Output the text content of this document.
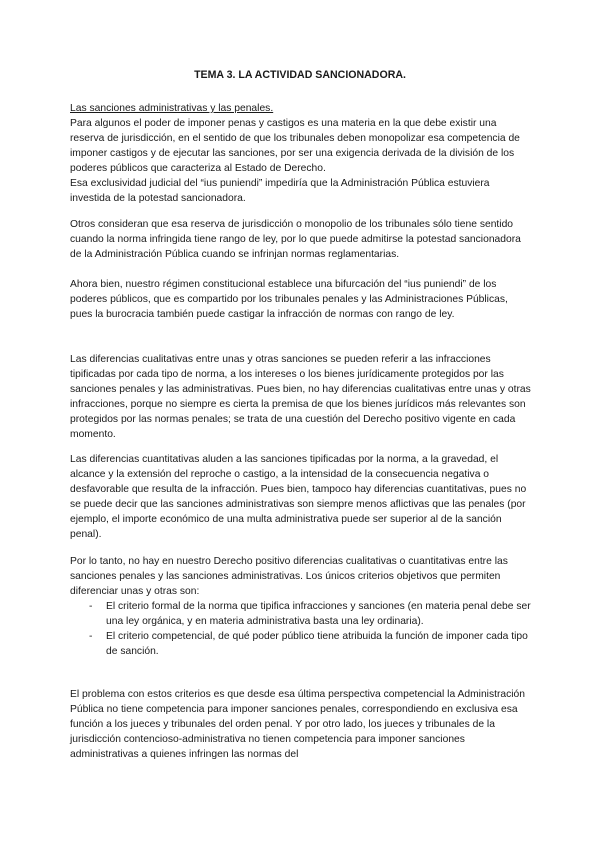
TEMA 3. LA ACTIVIDAD SANCIONADORA.

Las sanciones administrativas y las penales.

Para algunos el poder de imponer penas y castigos es una materia en la que debe existir una reserva de jurisdicción, en el sentido de que los tribunales deben monopolizar esa competencia de imponer castigos y de ejecutar las sanciones, por ser una exigencia derivada de la división de los poderes públicos que caracteriza al Estado de Derecho.

Esa exclusividad judicial del “ius puniendi” impediría que la Administración Pública estuviera investida de la potestad sancionadora.

Otros consideran que esa reserva de jurisdicción o monopolio de los tribunales sólo tiene sentido cuando la norma infringida tiene rango de ley, por lo que puede admitirse la potestad sancionadora de la Administración Pública cuando se infrinjan normas reglamentarias.

Ahora bien, nuestro régimen constitucional establece una bifurcación del “ius puniendi” de los poderes públicos, que es compartido por los tribunales penales y las Administraciones Públicas, pues la burocracia también puede castigar la infracción de normas con rango de ley.

Las diferencias cualitativas entre unas y otras sanciones se pueden referir a las infracciones tipificadas por cada tipo de norma, a los intereses o los bienes jurídicamente protegidos por las sanciones penales y las administrativas. Pues bien, no hay diferencias cualitativas entre unas y otras infracciones, porque no siempre es cierta la premisa de que los bienes jurídicos más relevantes son protegidos por las normas penales; se trata de una cuestión del Derecho positivo vigente en cada momento.

Las diferencias cuantitativas aluden a las sanciones tipificadas por la norma, a la gravedad, el alcance y la extensión del reproche o castigo, a la intensidad de la consecuencia negativa o desfavorable que resulta de la infracción. Pues bien, tampoco hay diferencias cuantitativas, pues no se puede decir que las sanciones administrativas son siempre menos aflictivas que las penales (por ejemplo, el importe económico de una multa administrativa puede ser superior al de la sanción penal).

Por lo tanto, no hay en nuestro Derecho positivo diferencias cualitativas o cuantitativas entre las sanciones penales y las sanciones administrativas. Los únicos criterios objetivos que permiten diferenciar unas y otras son:

- El criterio formal de la norma que tipifica infracciones y sanciones (en materia penal debe ser una ley orgánica, y en materia administrativa basta una ley ordinaria).
- El criterio competencial, de qué poder público tiene atribuida la función de imponer cada tipo de sanción.

El problema con estos criterios es que desde esa última perspectiva competencial la Administración Pública no tiene competencia para imponer sanciones penales, correspondiendo en exclusiva esa función a los jueces y tribunales del orden penal. Y por otro lado, los jueces y tribunales de la jurisdicción contencioso-administrativa no tienen competencia para imponer sanciones administrativas a quienes infringen las normas del
